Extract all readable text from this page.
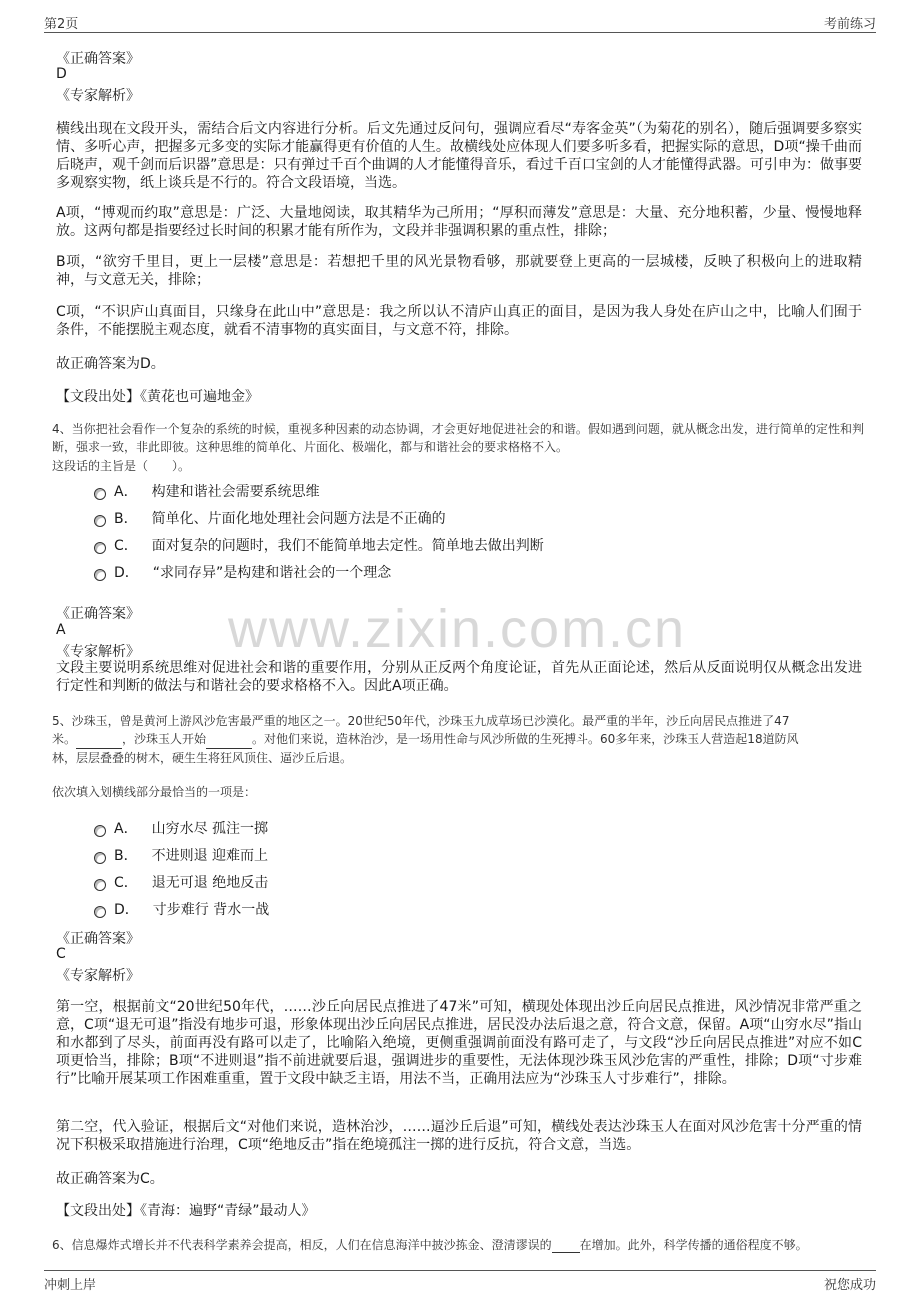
第2页	考前练习
www.zixin.com.cn
《正确答案》
D
《专家解析》
横线出现在文段开头，需结合后文内容进行分析。后文先通过反问句，强调应看尽“寿客金英”（为菊花的别名），随后强调要多察实情、多听心声，把握多元多变的实际才能赢得更有价值的人生。故横线处应体现人们要多听多看，把握实际的意思，D项“操千曲而后晓声，观千剑而后识器”意思是：只有弹过千百个曲调的人才能懂得音乐，看过千百口宝剑的人才能懂得武器。可引申为：做事要多观察实物，纸上谈兵是不行的。符合文段语境，当选。
A项，“博观而约取”意思是：广泛、大量地阅读，取其精华为己所用；“厚积而薄发”意思是：大量、充分地积蓄，少量、慢慢地释放。这两句都是指要经过长时间的积累才能有所作为，文段并非强调积累的重点性，排除；
B项，“欲穷千里目，更上一层楼”意思是：若想把千里的风光景物看够，那就要登上更高的一层城楼，反映了积极向上的进取精神，与文意无关，排除；
C项，“不识庐山真面目，只缘身在此山中”意思是：我之所以认不清庐山真正的面目，是因为我人身处在庐山之中，比喻人们囿于条件，不能摆脱主观态度，就看不清事物的真实面目，与文意不符，排除。
故正确答案为D。
【文段出处】《黄花也可遍地金》
4、当你把社会看作一个复杂的系统的时候，重视多种因素的动态协调，才会更好地促进社会的和谐。假如遇到问题，就从概念出发，进行简单的定性和判断，强求一致，非此即彼。这种思维的简单化、片面化、极端化，都与和谐社会的要求格格不入。
这段话的主旨是（　　）。
A． 构建和谐社会需要系统思维
B． 简单化、片面化地处理社会问题方法是不正确的
C． 面对复杂的问题时，我们不能简单地去定性。简单地去做出判断
D． “求同存异”是构建和谐社会的一个理念
《正确答案》
A
《专家解析》
文段主要说明系统思维对促进社会和谐的重要作用，分别从正反两个角度论证，首先从正面论述，然后从反面说明仅从概念出发进行定性和判断的做法与和谐社会的要求格格不入。因此A项正确。
5、沙珠玉，曾是黄河上游风沙危害最严重的地区之一。20世纪50年代，沙珠玉九成草场已沙漠化。最严重的半年，沙丘向居民点推进了47
米。	，沙珠玉人开始	。对他们来说，造林治沙，是一场用性命与风沙所做的生死搏斗。60多年来，沙珠玉人营造起18道防风
林，层层叠叠的树木，硬生生将狂风顶住、逼沙丘后退。
依次填入划横线部分最恰当的一项是：
A． 山穷水尽 孤注一掷
B． 不进则退 迎难而上
C． 退无可退 绝地反击
D． 寸步难行 背水一战
《正确答案》
C
《专家解析》
第一空，根据前文“20世纪50年代，……沙丘向居民点推进了47米”可知，横现处体现出沙丘向居民点推进，风沙情况非常严重之意，C项“退无可退”指没有地步可退，形象体现出沙丘向居民点推进，居民没办法后退之意，符合文意，保留。A项“山穷水尽”指山和水都到了尽头，前面再没有路可以走了，比喻陷入绝境，更侧重强调前面没有路可走了，与文段“沙丘向居民点推进”对应不如C项更恰当，排除；B项“不进则退”指不前进就要后退，强调进步的重要性，无法体现沙珠玉风沙危害的严重性，排除；D项“寸步难行”比喻开展某项工作困难重重，置于文段中缺乏主语，用法不当，正确用法应为“沙珠玉人寸步难行”，排除。
第二空，代入验证，根据后文“对他们来说，造林治沙，……逼沙丘后退”可知，横线处表达沙珠玉人在面对风沙危害十分严重的情况下积极采取措施进行治理，C项“绝地反击”指在绝境孤注一掷的进行反抗，符合文意，当选。
故正确答案为C。
【文段出处】《青海：遍野“青绿”最动人》
6、信息爆炸式增长并不代表科学素养会提高，相反，人们在信息海洋中披沙拣金、澄清谬误的 在增加。此外，科学传播的通俗程度不够。
冲刺上岸	祝您成功
